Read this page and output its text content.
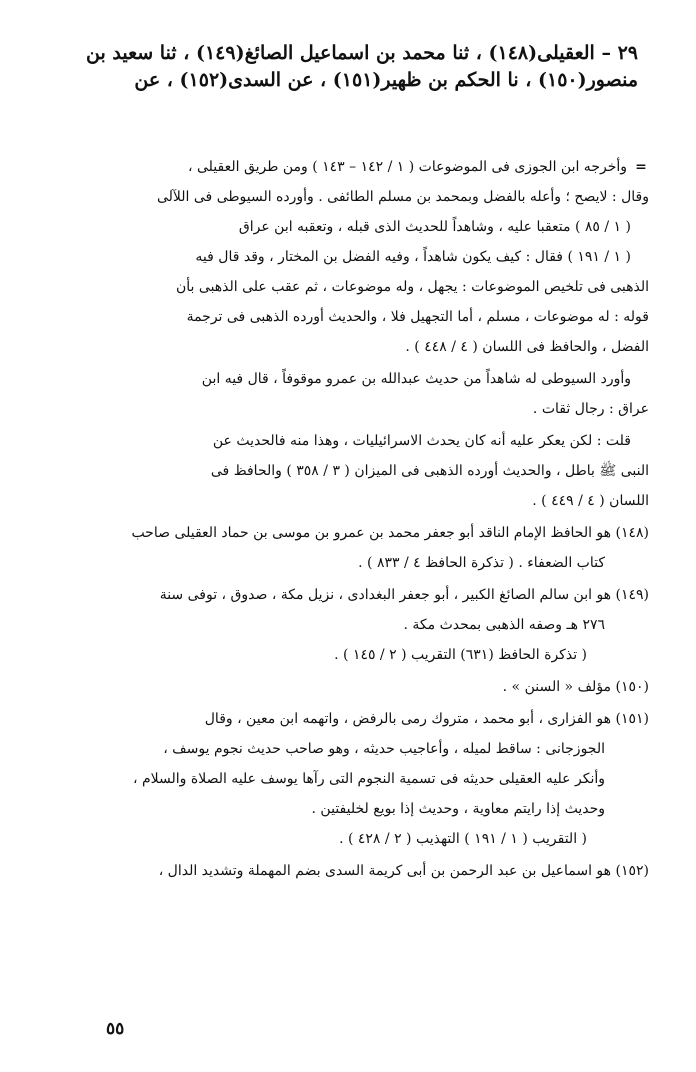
٢٩ – العقيلى(١٤٨) ، ثنا محمد بن اسماعيل الصائغ(١٤٩) ، ثنا سعيد بن
منصور(١٥٠) ، نا الحكم بن ظهير(١٥١) ، عن السدى(١٥٢) ، عن
=وأخرجه ابن الجوزى فى الموضوعات ( ١ / ١٤٢ – ١٤٣ ) ومن طريق العقيلى ،
وقال : لايصح ؛ وأعله بالفضل وبمحمد بن مسلم الطائفى . وأورده السيوطى فى اللآلى
( ١ / ٨٥ ) متعقبا عليه ، وشاهداً للحديث الذى قبله ، وتعقبه ابن عراق
( ١ / ١٩١ ) فقال : كيف يكون شاهداً ، وفيه الفضل بن المختار ، وقد قال فيه
الذهبى فى تلخيص الموضوعات : يجهل ، وله موضوعات ، ثم عقب على الذهبى بأن
قوله : له موضوعات ، مسلم ، أما التجهيل فلا ، والحديث أورده الذهبى فى ترجمة
الفضل ، والحافظ فى اللسان ( ٤ / ٤٤٨ ) .
وأورد السيوطى له شاهداً من حديث عبدالله بن عمرو موقوفاً ، قال فيه ابن
عراق : رجال ثقات .
قلت : لكن يعكر عليه أنه كان يحدث الاسرائيليات ، وهذا منه فالحديث عن
النبى ﷺ باطل ، والحديث أورده الذهبى فى الميزان ( ٣ / ٣٥٨ ) والحافظ فى
اللسان ( ٤ / ٤٤٩ ) .
(١٤٨) هو الحافظ الإمام الناقد أبو جعفر محمد بن عمرو بن موسى بن حماد العقيلى صاحب
كتاب الضعفاء . ( تذكرة الحافظ ٤ / ٨٣٣ ) .
(١٤٩) هو ابن سالم الصائغ الكبير ، أبو جعفر البغدادى ، نزيل مكة ، صدوق ، توفى سنة
٢٧٦ هـ وصفه الذهبى بمحدث مكة .
( تذكرة الحافظ (٦٣١) التقريب ( ٢ / ١٤٥ ) .
(١٥٠) مؤلف « السنن » .
(١٥١) هو الفزارى ، أبو محمد ، متروك رمى بالرفض ، واتهمه ابن معين ، وقال
الجوزجانى : ساقط لميله ، وأعاجيب حديثه ، وهو صاحب حديث نجوم يوسف ،
وأنكر عليه العقيلى حديثه فى تسمية النجوم التى رآها يوسف عليه الصلاة والسلام ،
وحديث إذا رايتم معاوية ، وحديث إذا بويع لخليفتين .
( التقريب ( ١ / ١٩١ ) التهذيب ( ٢ / ٤٢٨ ) .
(١٥٢) هو اسماعيل بن عبد الرحمن بن أبى كريمة السدى بضم المهملة وتشديد الدال ،
٥٥
